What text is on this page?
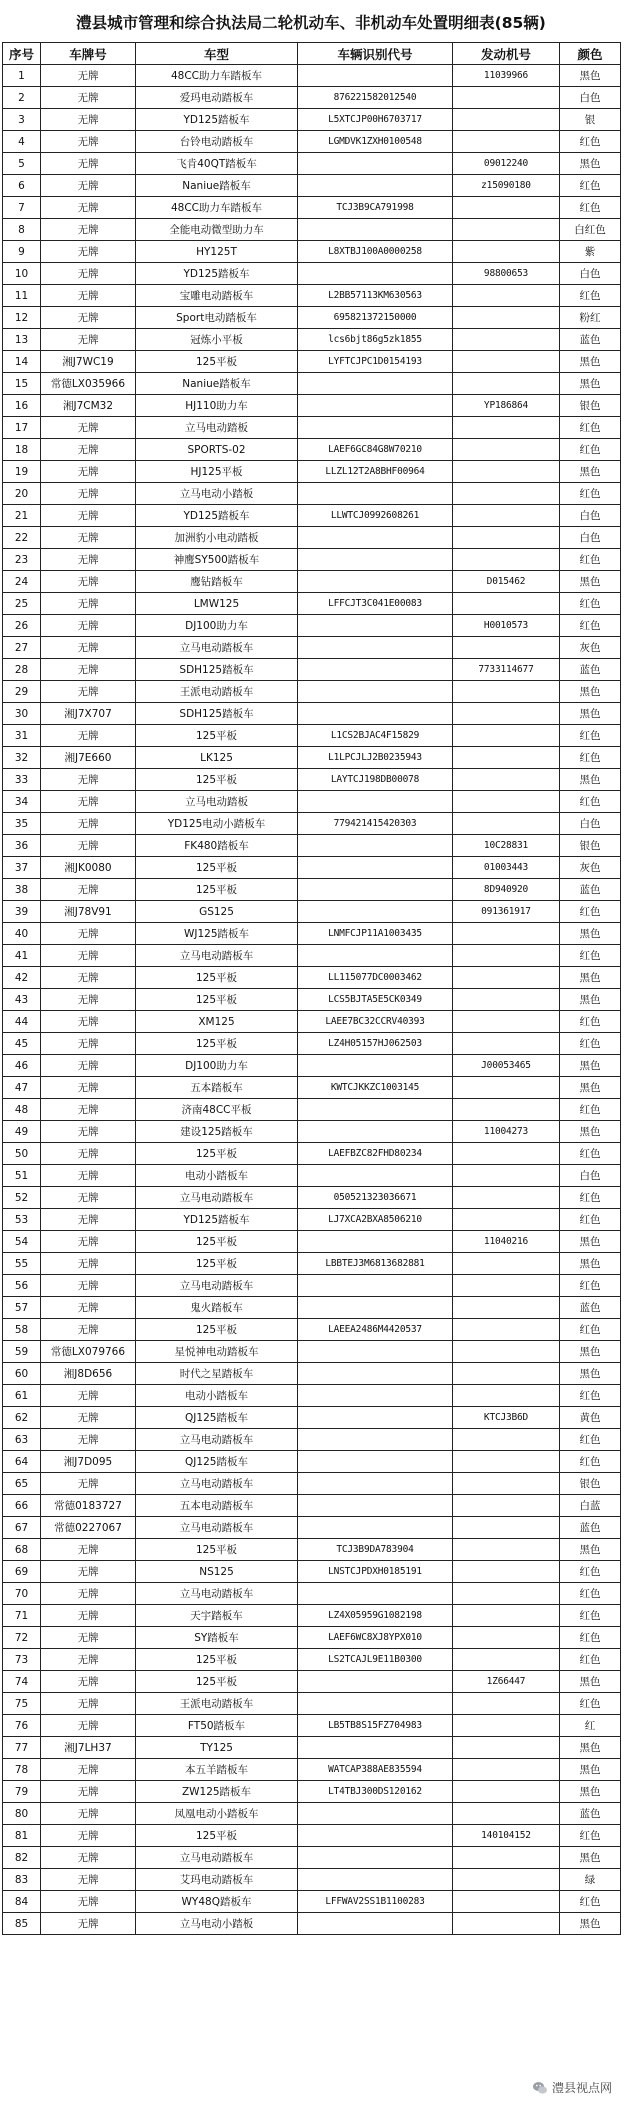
澧县城市管理和综合执法局二轮机动车、非机动车处置明细表(85辆)
序号	车牌号	车型	车辆识别代号	发动机号	颜色
1	无牌	48CC助力车踏板车		11039966	黑色
2	无牌	爱玛电动踏板车	876221582012540		白色
3	无牌	YD125踏板车	L5XTCJP00H6703717		银
4	无牌	台铃电动踏板车	LGMDVK1ZXH0100548		红色
5	无牌	飞肯40QT踏板车		09012240	黑色
6	无牌	Naniue踏板车		z15090180	红色
7	无牌	48CC助力车踏板车	TCJ3B9CA791998		红色
8	无牌	全能电动微型助力车			白红色
9	无牌	HY125T	L8XTBJ100A0000258		紫
10	无牌	YD125踏板车		98800653	白色
11	无牌	宝雕电动踏板车	L2BB57113KM630563		红色
12	无牌	Sport电动踏板车	695821372150000		粉红
13	无牌	冠炼小平板	lcs6bjt86g5zk1855		蓝色
14	湘J7WC19	125平板	LYFTCJPC1D0154193		黑色
15	常德LX035966	Naniue踏板车			黑色
16	湘J7CM32	HJ110助力车		YP186864	银色
17	无牌	立马电动踏板			红色
18	无牌	SPORTS-02	LAEF6GC84G8W70210		红色
19	无牌	HJ125平板	LLZL12T2A8BHF00964		黑色
20	无牌	立马电动小踏板			红色
21	无牌	YD125踏板车	LLWTCJ0992608261		白色
22	无牌	加洲豹小电动踏板			白色
23	无牌	神鹰SY500踏板车			红色
24	无牌	鹰钻踏板车		D015462	黑色
25	无牌	LMW125	LFFCJT3C041E00083		红色
26	无牌	DJ100助力车		H0010573	红色
27	无牌	立马电动踏板车			灰色
28	无牌	SDH125踏板车		7733114677	蓝色
29	无牌	王派电动踏板车			黑色
30	湘J7X707	SDH125踏板车			黑色
31	无牌	125平板	L1CS2BJAC4F15829		红色
32	湘J7E660	LK125	L1LPCJLJ2B0235943		红色
33	无牌	125平板	LAYTCJ198DB00078		黑色
34	无牌	立马电动踏板			红色
35	无牌	YD125电动小踏板车	779421415420303		白色
36	无牌	FK480踏板车		10C28831	银色
37	湘JK0080	125平板		01003443	灰色
38	无牌	125平板		8D940920	蓝色
39	湘J78V91	GS125		091361917	红色
40	无牌	WJ125踏板车	LNMFCJP11A1003435		黑色
41	无牌	立马电动踏板车			红色
42	无牌	125平板	LL115077DC0003462		黑色
43	无牌	125平板	LCS5BJTA5E5CK0349		黑色
44	无牌	XM125	LAEE7BC32CCRV40393		红色
45	无牌	125平板	LZ4H05157HJ062503		红色
46	无牌	DJ100助力车		J00053465	黑色
47	无牌	五本踏板车	KWTCJKKZC1003145		黑色
48	无牌	济南48CC平板			红色
49	无牌	建设125踏板车		11004273	黑色
50	无牌	125平板	LAEFBZC82FHD80234		红色
51	无牌	电动小踏板车			白色
52	无牌	立马电动踏板车	050521323036671		红色
53	无牌	YD125踏板车	LJ7XCA2BXA8506210		红色
54	无牌	125平板		11040216	黑色
55	无牌	125平板	LBBTEJ3M6813682881		黑色
56	无牌	立马电动踏板车			红色
57	无牌	鬼火踏板车			蓝色
58	无牌	125平板	LAEEA2486M4420537		红色
59	常德LX079766	星悦神电动踏板车			黑色
60	湘J8D656	时代之星踏板车			黑色
61	无牌	电动小踏板车			红色
62	无牌	QJ125踏板车		KTCJ3B6D	黄色
63	无牌	立马电动踏板车			红色
64	湘J7D095	QJ125踏板车			红色
65	无牌	立马电动踏板车			银色
66	常德0183727	五本电动踏板车			白蓝
67	常德0227067	立马电动踏板车			蓝色
68	无牌	125平板	TCJ3B9DA783904		黑色
69	无牌	NS125	LNSTCJPDXH0185191		红色
70	无牌	立马电动踏板车			红色
71	无牌	天宇踏板车	LZ4X05959G1082198		红色
72	无牌	SY踏板车	LAEF6WC8XJ8YPX010		红色
73	无牌	125平板	LS2TCAJL9E11B0300		红色
74	无牌	125平板		1Z66447	黑色
75	无牌	王派电动踏板车			红色
76	无牌	FT50踏板车	LB5TB8S15FZ704983		红
77	湘J7LH37	TY125			黑色
78	无牌	本五羊踏板车	WATCAP388AE835594		黑色
79	无牌	ZW125踏板车	LT4TBJ300DS120162		黑色
80	无牌	凤凰电动小踏板车			蓝色
81	无牌	125平板		140104152	红色
82	无牌	立马电动踏板车			黑色
83	无牌	艾玛电动踏板车			绿
84	无牌	WY48Q踏板车	LFFWAV2SS1B1100283		红色
85	无牌	立马电动小踏板			黑色
澧县视点网
